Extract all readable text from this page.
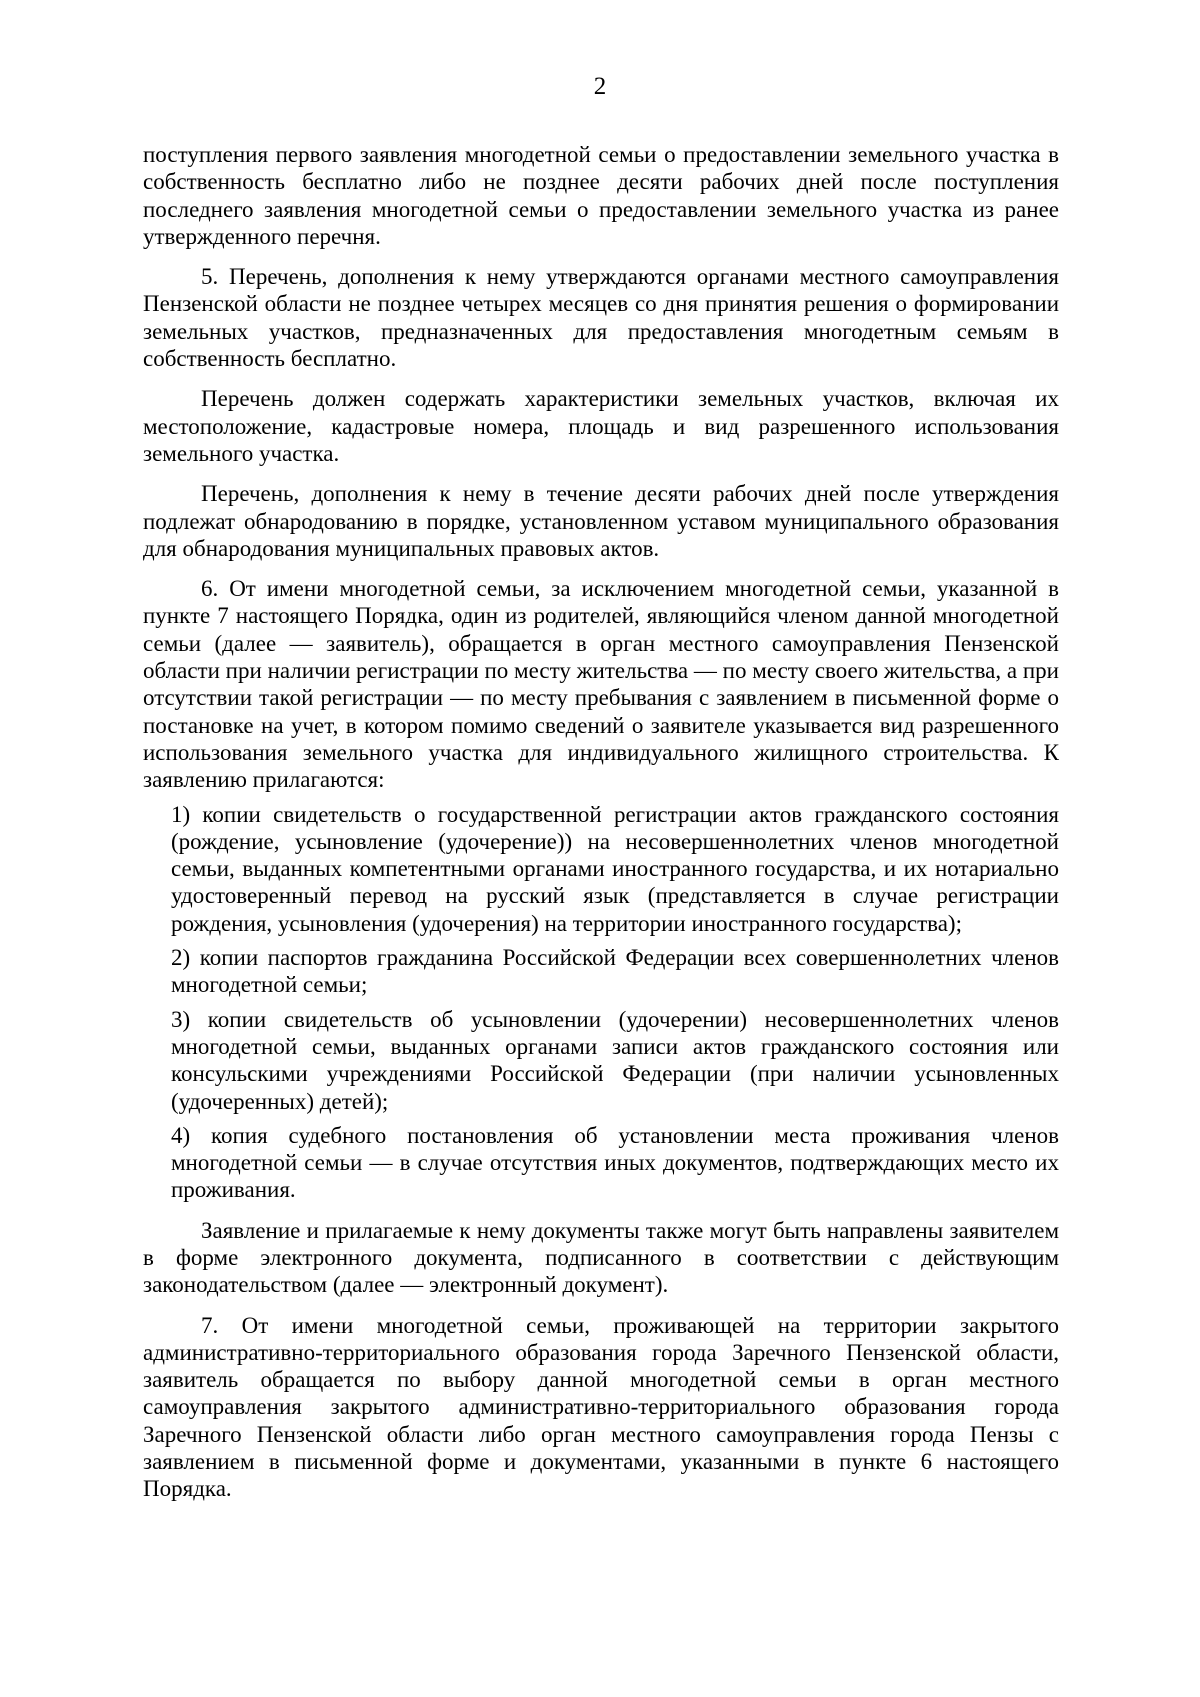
2

поступления первого заявления многодетной семьи о предоставлении земельного участка в собственность бесплатно либо не позднее десяти рабочих дней после поступления последнего заявления многодетной семьи о предоставлении земельного участка из ранее утвержденного перечня.

5. Перечень, дополнения к нему утверждаются органами местного самоуправления Пензенской области не позднее четырех месяцев со дня принятия решения о формировании земельных участков, предназначенных для предоставления многодетным семьям в собственность бесплатно.

Перечень должен содержать характеристики земельных участков, включая их местоположение, кадастровые номера, площадь и вид разрешенного использования земельного участка.

Перечень, дополнения к нему в течение десяти рабочих дней после утверждения подлежат обнародованию в порядке, установленном уставом муниципального образования для обнародования муниципальных правовых актов.

6. От имени многодетной семьи, за исключением многодетной семьи, указанной в пункте 7 настоящего Порядка, один из родителей, являющийся членом данной многодетной семьи (далее — заявитель), обращается в орган местного самоуправления Пензенской области при наличии регистрации по месту жительства — по месту своего жительства, а при отсутствии такой регистрации — по месту пребывания с заявлением в письменной форме о постановке на учет, в котором помимо сведений о заявителе указывается вид разрешенного использования земельного участка для индивидуального жилищного строительства. К заявлению прилагаются:

1) копии свидетельств о государственной регистрации актов гражданского состояния (рождение, усыновление (удочерение)) на несовершеннолетних членов многодетной семьи, выданных компетентными органами иностранного государства, и их нотариально удостоверенный перевод на русский язык (представляется в случае регистрации рождения, усыновления (удочерения) на территории иностранного государства);

2) копии паспортов гражданина Российской Федерации всех совершеннолетних членов многодетной семьи;

3) копии свидетельств об усыновлении (удочерении) несовершеннолетних членов многодетной семьи, выданных органами записи актов гражданского состояния или консульскими учреждениями Российской Федерации (при наличии усыновленных (удочеренных) детей);

4) копия судебного постановления об установлении места проживания членов многодетной семьи — в случае отсутствия иных документов, подтверждающих место их проживания.

Заявление и прилагаемые к нему документы также могут быть направлены заявителем в форме электронного документа, подписанного в соответствии с действующим законодательством (далее — электронный документ).

7. От имени многодетной семьи, проживающей на территории закрытого административно-территориального образования города Заречного Пензенской области, заявитель обращается по выбору данной многодетной семьи в орган местного самоуправления закрытого административно-территориального образования города Заречного Пензенской области либо орган местного самоуправления города Пензы с заявлением в письменной форме и документами, указанными в пункте 6 настоящего Порядка.
